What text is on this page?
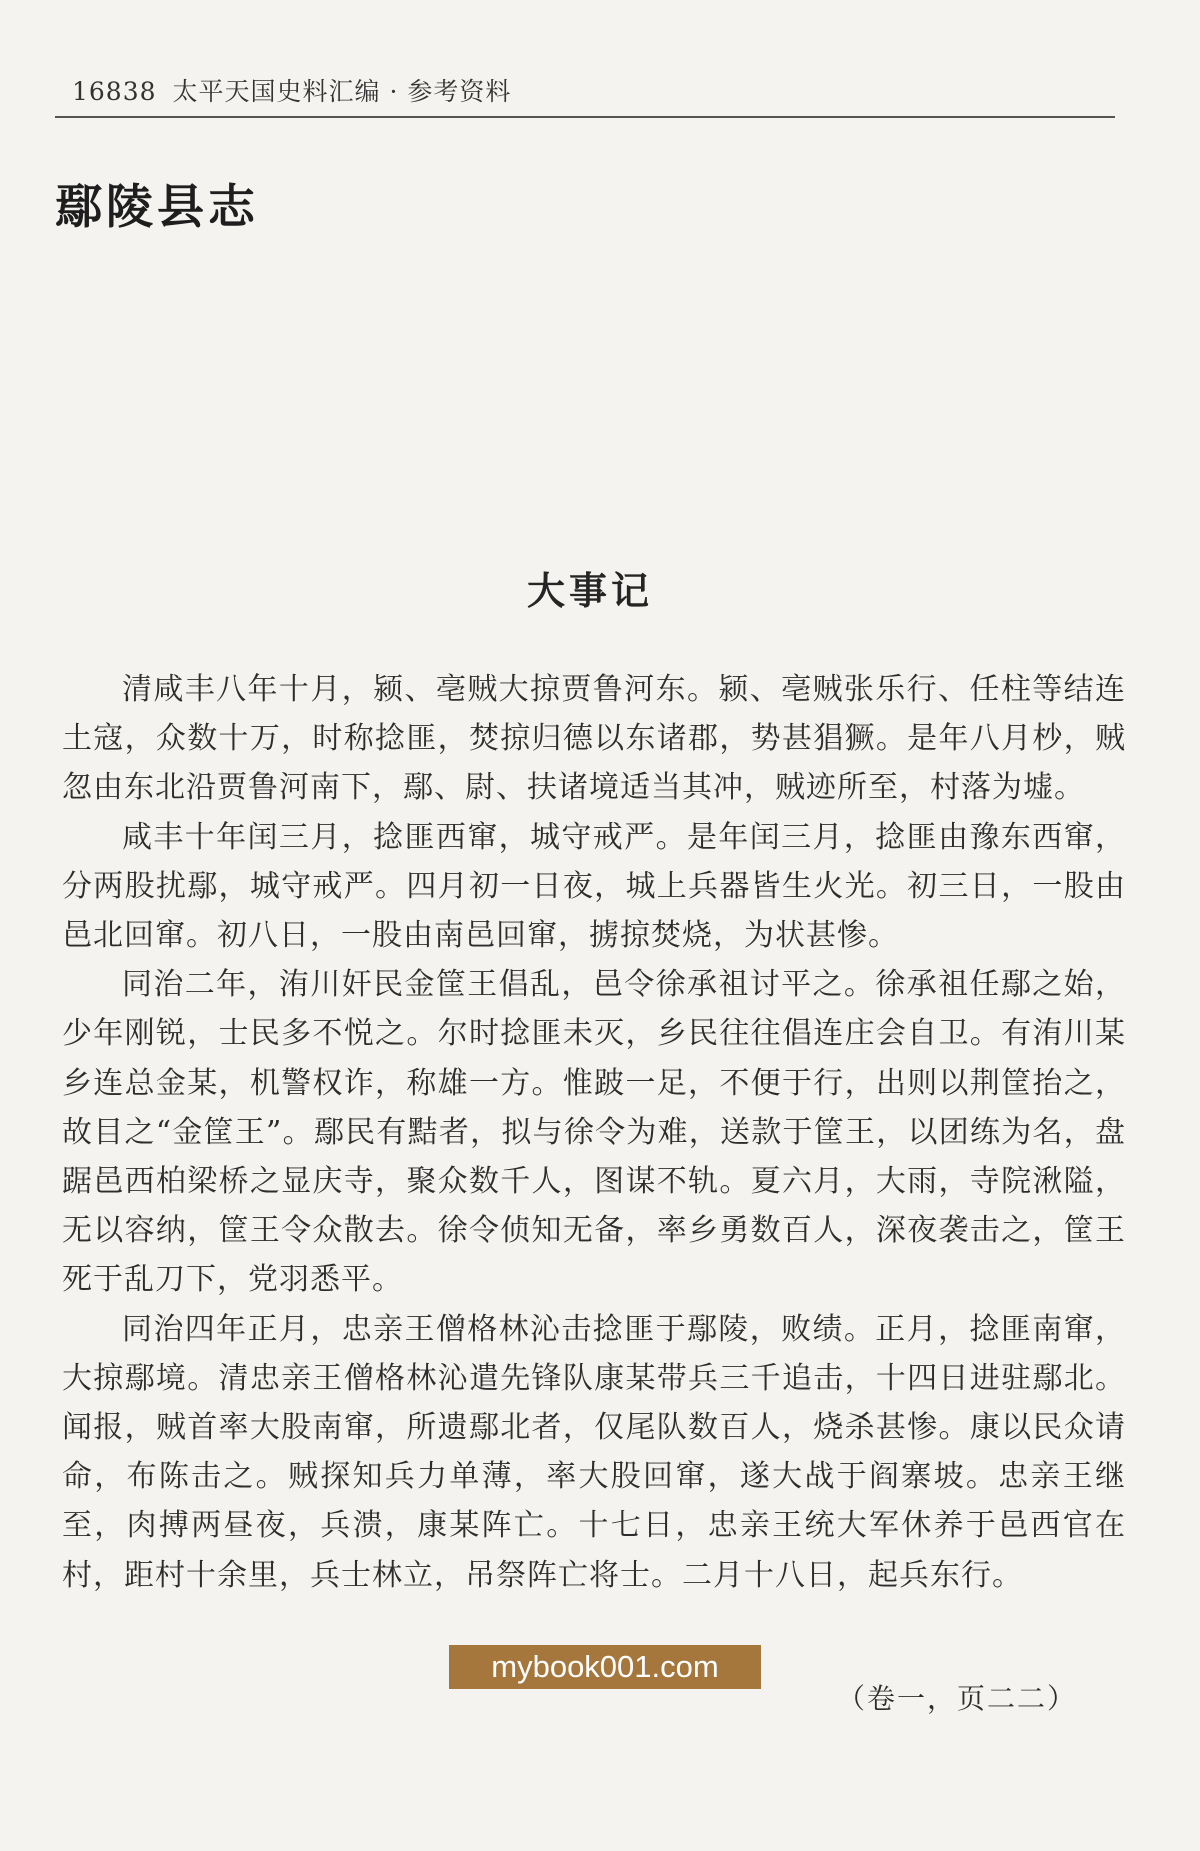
16838 太平天国史料汇编 · 参考资料
鄢陵县志
大事记

清咸丰八年十月，颍、亳贼大掠贾鲁河东。颍、亳贼张乐行、任柱等结连土寇，众数十万，时称捻匪，焚掠归德以东诸郡，势甚猖獗。是年八月杪，贼忽由东北沿贾鲁河南下，鄢、尉、扶诸境适当其冲，贼迹所至，村落为墟。

咸丰十年闰三月，捻匪西窜，城守戒严。是年闰三月，捻匪由豫东西窜，分两股扰鄢，城守戒严。四月初一日夜，城上兵器皆生火光。初三日，一股由邑北回窜。初八日，一股由南邑回窜，掳掠焚烧，为状甚惨。

同治二年，洧川奸民金筐王倡乱，邑令徐承祖讨平之。徐承祖任鄢之始，少年刚锐，士民多不悦之。尔时捻匪未灭，乡民往往倡连庄会自卫。有洧川某乡连总金某，机警权诈，称雄一方。惟跛一足，不便于行，出则以荆筐抬之，故目之“金筐王”。鄢民有黠者，拟与徐令为难，送款于筐王，以团练为名，盘踞邑西柏梁桥之显庆寺，聚众数千人，图谋不轨。夏六月，大雨，寺院湫隘，无以容纳，筐王令众散去。徐令侦知无备，率乡勇数百人，深夜袭击之，筐王死于乱刀下，党羽悉平。

同治四年正月，忠亲王僧格林沁击捻匪于鄢陵，败绩。正月，捻匪南窜，大掠鄢境。清忠亲王僧格林沁遣先锋队康某带兵三千追击，十四日进驻鄢北。闻报，贼首率大股南窜，所遗鄢北者，仅尾队数百人，烧杀甚惨。康以民众请命，布陈击之。贼探知兵力单薄，率大股回窜，遂大战于阎寨坡。忠亲王继至，肉搏两昼夜，兵溃，康某阵亡。十七日，忠亲王统大军休养于邑西官在村，距村十余里，兵士林立，吊祭阵亡将士。二月十八日，起兵东行。

mybook001.com
（卷一，页二二）
